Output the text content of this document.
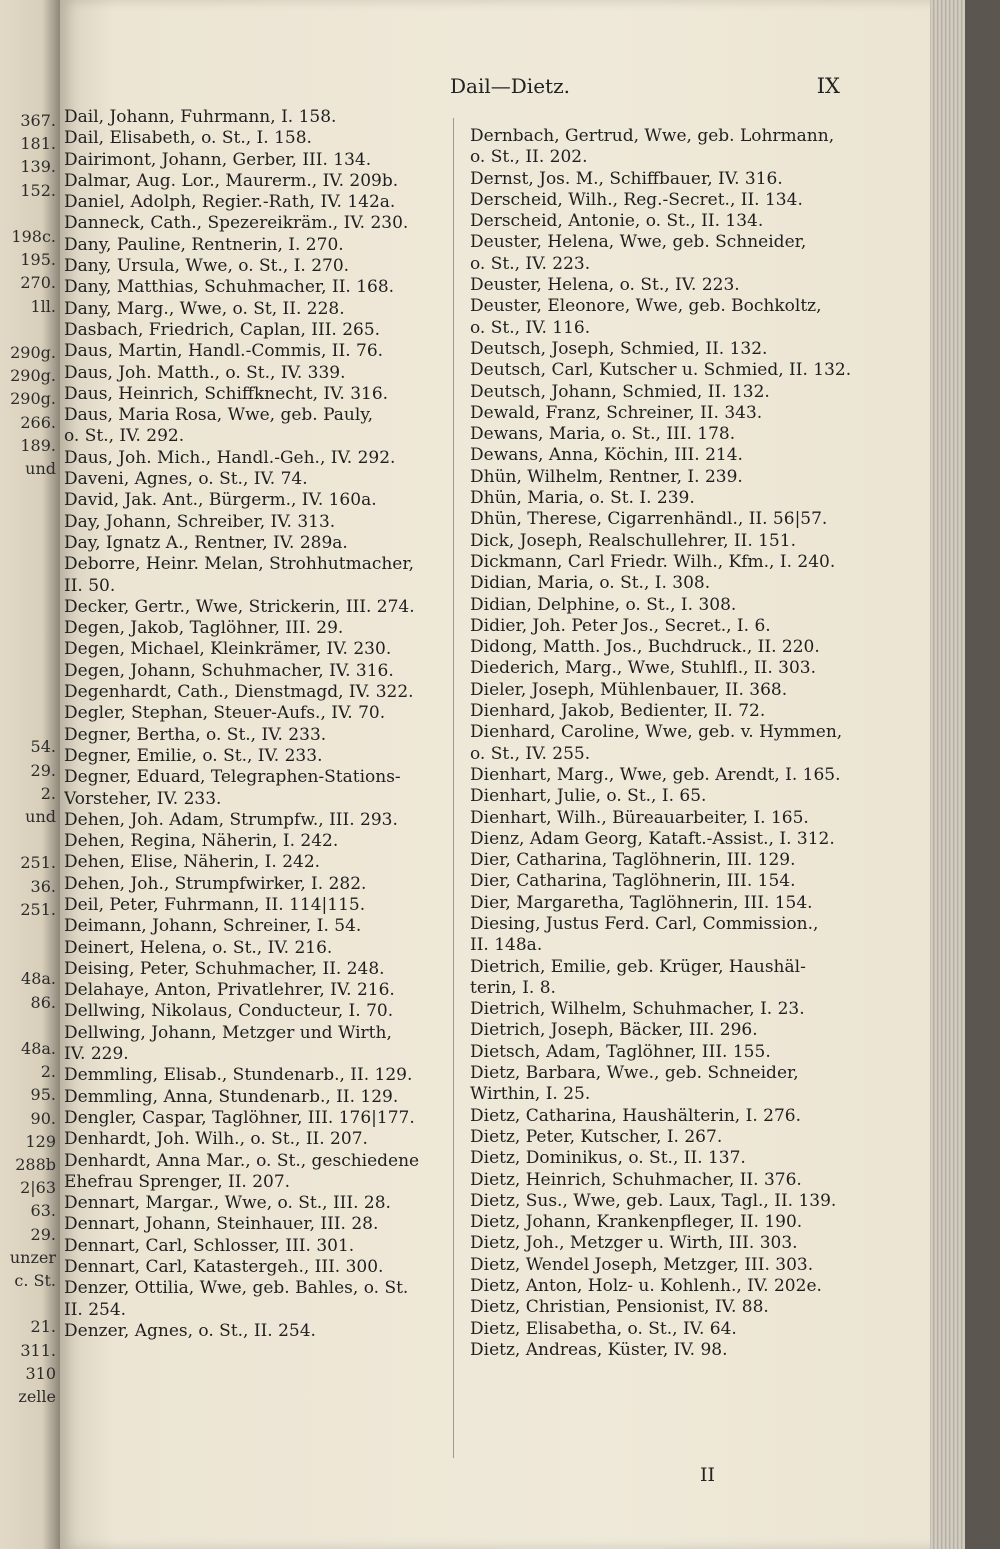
367.
181.
139.
152.
198c.
195.
270.
1ll.
290g.
290g.
290g.
266.
189.
und
54.
29.
2.
und
251.
36.
251.
48a.
86.
48a.
2.
95.
90.
129
288b
2|63
63.
29.
unzer
c. St.
21.
311.
310
zelle
Dail—Dietz.	IX
Dail, Johann, Fuhrmann, I. 158.
Dail, Elisabeth, o. St., I. 158.
Dairimont, Johann, Gerber, III. 134.
Dalmar, Aug. Lor., Maurerm., IV. 209b.
Daniel, Adolph, Regier.-Rath, IV. 142a.
Danneck, Cath., Spezereikräm., IV. 230.
Dany, Pauline, Rentnerin, I. 270.
Dany, Ursula, Wwe, o. St., I. 270.
Dany, Matthias, Schuhmacher, II. 168.
Dany, Marg., Wwe, o. St, II. 228.
Dasbach, Friedrich, Caplan, III. 265.
Daus, Martin, Handl.-Commis, II. 76.
Daus, Joh. Matth., o. St., IV. 339.
Daus, Heinrich, Schiffknecht, IV. 316.
Daus, Maria Rosa, Wwe, geb. Pauly,
o. St., IV. 292.
Daus, Joh. Mich., Handl.-Geh., IV. 292.
Daveni, Agnes, o. St., IV. 74.
David, Jak. Ant., Bürgerm., IV. 160a.
Day, Johann, Schreiber, IV. 313.
Day, Ignatz A., Rentner, IV. 289a.
Deborre, Heinr. Melan, Strohhutmacher,
II. 50.
Decker, Gertr., Wwe, Strickerin, III. 274.
Degen, Jakob, Taglöhner, III. 29.
Degen, Michael, Kleinkrämer, IV. 230.
Degen, Johann, Schuhmacher, IV. 316.
Degenhardt, Cath., Dienstmagd, IV. 322.
Degler, Stephan, Steuer-Aufs., IV. 70.
Degner, Bertha, o. St., IV. 233.
Degner, Emilie, o. St., IV. 233.
Degner, Eduard, Telegraphen-Stations-
Vorsteher, IV. 233.
Dehen, Joh. Adam, Strumpfw., III. 293.
Dehen, Regina, Näherin, I. 242.
Dehen, Elise, Näherin, I. 242.
Dehen, Joh., Strumpfwirker, I. 282.
Deil, Peter, Fuhrmann, II. 114|115.
Deimann, Johann, Schreiner, I. 54.
Deinert, Helena, o. St., IV. 216.
Deising, Peter, Schuhmacher, II. 248.
Delahaye, Anton, Privatlehrer, IV. 216.
Dellwing, Nikolaus, Conducteur, I. 70.
Dellwing, Johann, Metzger und Wirth,
IV. 229.
Demmling, Elisab., Stundenarb., II. 129.
Demmling, Anna, Stundenarb., II. 129.
Dengler, Caspar, Taglöhner, III. 176|177.
Denhardt, Joh. Wilh., o. St., II. 207.
Denhardt, Anna Mar., o. St., geschiedene
Ehefrau Sprenger, II. 207.
Dennart, Margar., Wwe, o. St., III. 28.
Dennart, Johann, Steinhauer, III. 28.
Dennart, Carl, Schlosser, III. 301.
Dennart, Carl, Katastergeh., III. 300.
Denzer, Ottilia, Wwe, geb. Bahles, o. St.
II. 254.
Denzer, Agnes, o. St., II. 254.
Dernbach, Gertrud, Wwe, geb. Lohrmann,
o. St., II. 202.
Dernst, Jos. M., Schiffbauer, IV. 316.
Derscheid, Wilh., Reg.-Secret., II. 134.
Derscheid, Antonie, o. St., II. 134.
Deuster, Helena, Wwe, geb. Schneider,
o. St., IV. 223.
Deuster, Helena, o. St., IV. 223.
Deuster, Eleonore, Wwe, geb. Bochkoltz,
o. St., IV. 116.
Deutsch, Joseph, Schmied, II. 132.
Deutsch, Carl, Kutscher u. Schmied, II. 132.
Deutsch, Johann, Schmied, II. 132.
Dewald, Franz, Schreiner, II. 343.
Dewans, Maria, o. St., III. 178.
Dewans, Anna, Köchin, III. 214.
Dhün, Wilhelm, Rentner, I. 239.
Dhün, Maria, o. St. I. 239.
Dhün, Therese, Cigarrenhändl., II. 56|57.
Dick, Joseph, Realschullehrer, II. 151.
Dickmann, Carl Friedr. Wilh., Kfm., I. 240.
Didian, Maria, o. St., I. 308.
Didian, Delphine, o. St., I. 308.
Didier, Joh. Peter Jos., Secret., I. 6.
Didong, Matth. Jos., Buchdruck., II. 220.
Diederich, Marg., Wwe, Stuhlfl., II. 303.
Dieler, Joseph, Mühlenbauer, II. 368.
Dienhard, Jakob, Bedienter, II. 72.
Dienhard, Caroline, Wwe, geb. v. Hymmen,
o. St., IV. 255.
Dienhart, Marg., Wwe, geb. Arendt, I. 165.
Dienhart, Julie, o. St., I. 65.
Dienhart, Wilh., Büreauarbeiter, I. 165.
Dienz, Adam Georg, Kataft.-Assist., I. 312.
Dier, Catharina, Taglöhnerin, III. 129.
Dier, Catharina, Taglöhnerin, III. 154.
Dier, Margaretha, Taglöhnerin, III. 154.
Diesing, Justus Ferd. Carl, Commission.,
II. 148a.
Dietrich, Emilie, geb. Krüger, Haushäl-
terin, I. 8.
Dietrich, Wilhelm, Schuhmacher, I. 23.
Dietrich, Joseph, Bäcker, III. 296.
Dietsch, Adam, Taglöhner, III. 155.
Dietz, Barbara, Wwe., geb. Schneider,
Wirthin, I. 25.
Dietz, Catharina, Haushälterin, I. 276.
Dietz, Peter, Kutscher, I. 267.
Dietz, Dominikus, o. St., II. 137.
Dietz, Heinrich, Schuhmacher, II. 376.
Dietz, Sus., Wwe, geb. Laux, Tagl., II. 139.
Dietz, Johann, Krankenpfleger, II. 190.
Dietz, Joh., Metzger u. Wirth, III. 303.
Dietz, Wendel Joseph, Metzger, III. 303.
Dietz, Anton, Holz- u. Kohlenh., IV. 202e.
Dietz, Christian, Pensionist, IV. 88.
Dietz, Elisabetha, o. St., IV. 64.
Dietz, Andreas, Küster, IV. 98.
II
